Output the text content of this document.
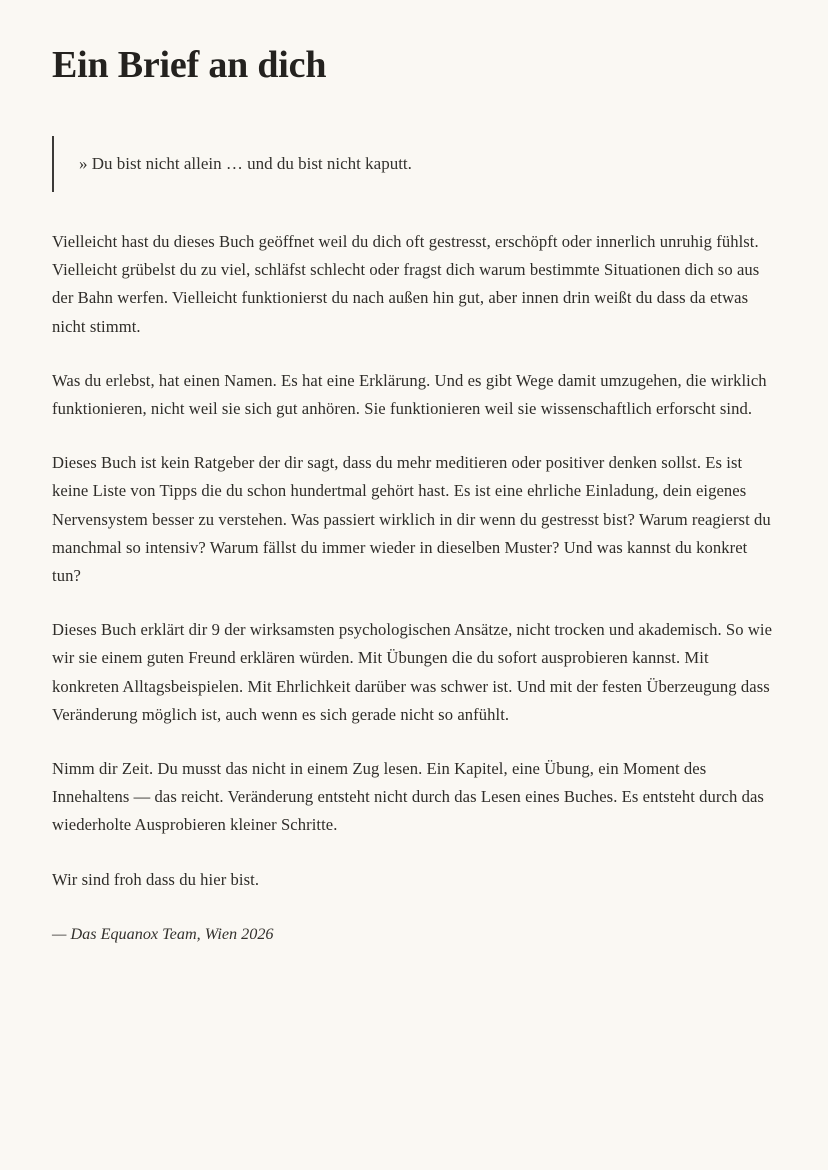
Ein Brief an dich
» Du bist nicht allein … und du bist nicht kaputt.

Vielleicht hast du dieses Buch geöffnet weil du dich oft gestresst, erschöpft oder innerlich unruhig fühlst. Vielleicht grübelst du zu viel, schläfst schlecht oder fragst dich warum bestimmte Situationen dich so aus der Bahn werfen. Vielleicht funktionierst du nach außen hin gut, aber innen drin weißt du dass da etwas nicht stimmt.

Was du erlebst, hat einen Namen. Es hat eine Erklärung. Und es gibt Wege damit umzugehen, die wirklich funktionieren, nicht weil sie sich gut anhören. Sie funktionieren weil sie wissenschaftlich erforscht sind.

Dieses Buch ist kein Ratgeber der dir sagt, dass du mehr meditieren oder positiver denken sollst. Es ist keine Liste von Tipps die du schon hundertmal gehört hast. Es ist eine ehrliche Einladung, dein eigenes Nervensystem besser zu verstehen. Was passiert wirklich in dir wenn du gestresst bist? Warum reagierst du manchmal so intensiv? Warum fällst du immer wieder in dieselben Muster? Und was kannst du konkret tun?

Dieses Buch erklärt dir 9 der wirksamsten psychologischen Ansätze, nicht trocken und akademisch. So wie wir sie einem guten Freund erklären würden. Mit Übungen die du sofort ausprobieren kannst. Mit konkreten Alltagsbeispielen. Mit Ehrlichkeit darüber was schwer ist. Und mit der festen Überzeugung dass Veränderung möglich ist, auch wenn es sich gerade nicht so anfühlt.

Nimm dir Zeit. Du musst das nicht in einem Zug lesen. Ein Kapitel, eine Übung, ein Moment des Innehaltens — das reicht. Veränderung entsteht nicht durch das Lesen eines Buches. Es entsteht durch das wiederholte Ausprobieren kleiner Schritte.

Wir sind froh dass du hier bist.

— Das Equanox Team, Wien 2026
